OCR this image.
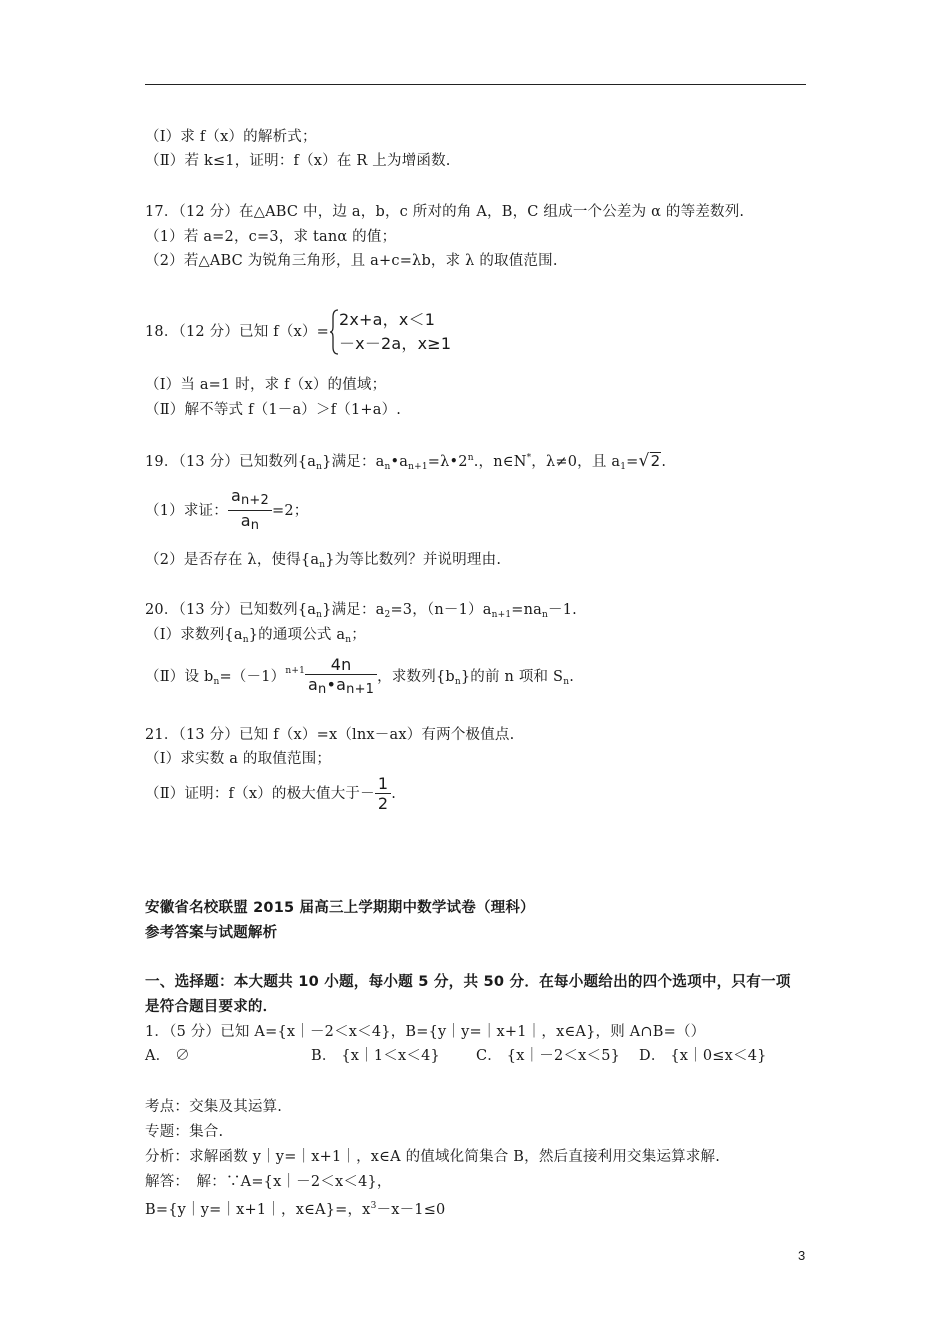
（Ⅰ）求 f（x）的解析式；
（Ⅱ）若 k≤1，证明：f（x）在 R 上为增函数.
17．（12 分）在△ABC 中，边 a，b，c 所对的角 A，B，C 组成一个公差为 α 的等差数列.
（1）若 a=2，c=3，求 tanα 的值；
（2）若△ABC 为锐角三角形，且 a+c=λb，求 λ 的取值范围.
18．（12 分）已知 f（x）=
2x+a，x＜1
－x－2a，x≥1
（Ⅰ）当 a=1 时，求 f（x）的值域；
（Ⅱ）解不等式 f（1－a）＞f（1+a）.
19．（13 分）已知数列$\{a_n\}$满足：$a_n•a_{n+1}=\lambda•2^n$.，n∈N*，λ≠0，且 $a_1=√2$.
（1）求证： $\frac{an+2}{an} =2$；
（2）是否存在 λ，使得$\{a_n\}$为等比数列？并说明理由.
20．（13 分）已知数列$\{a_n\}$满足：$a_2=3$，$(n-1)a_{n+1}=na_n-1$.
（Ⅰ）求数列$\{a_n\}$的通项公式 $a_n$；
（Ⅱ）设 $b_n=(-1)^{n+1} \frac{4n}{an•an+1}$ ，求数列$\{b_n\}$的前 n 项和 $S_n$.
21．（13 分）已知 f（x）=x（lnx－ax）有两个极值点.
（Ⅰ）求实数 a 的取值范围；
（Ⅱ）证明：f（x）的极大值大于－ $\frac{1}{2}$ .
安徽省名校联盟 2015 届高三上学期期中数学试卷（理科）
参考答案与试题解析
一、选择题：本大题共 10 小题，每小题 5 分，共 50 分．在每小题给出的四个选项中，只有一项
是符合题目要求的．
1．（5 分）已知 A={x｜－2＜x＜4}，B={y｜y=｜x+1｜，x∈A}，则 A∩B=（）
A． ∅	B． {x｜1＜x＜4} C． {x｜－2＜x＜5} D． {x｜0≤x＜4}
考点：交集及其运算.
专题：集合.
分析：求解函数 y｜y=｜x+1｜，x∈A 的值域化简集合 B，然后直接利用交集运算求解.
解答：　解：∵A={x｜－2＜x＜4}，
B={y｜y=｜x+1｜，x∈A}=，$x^3-x-1\le 0$
3
